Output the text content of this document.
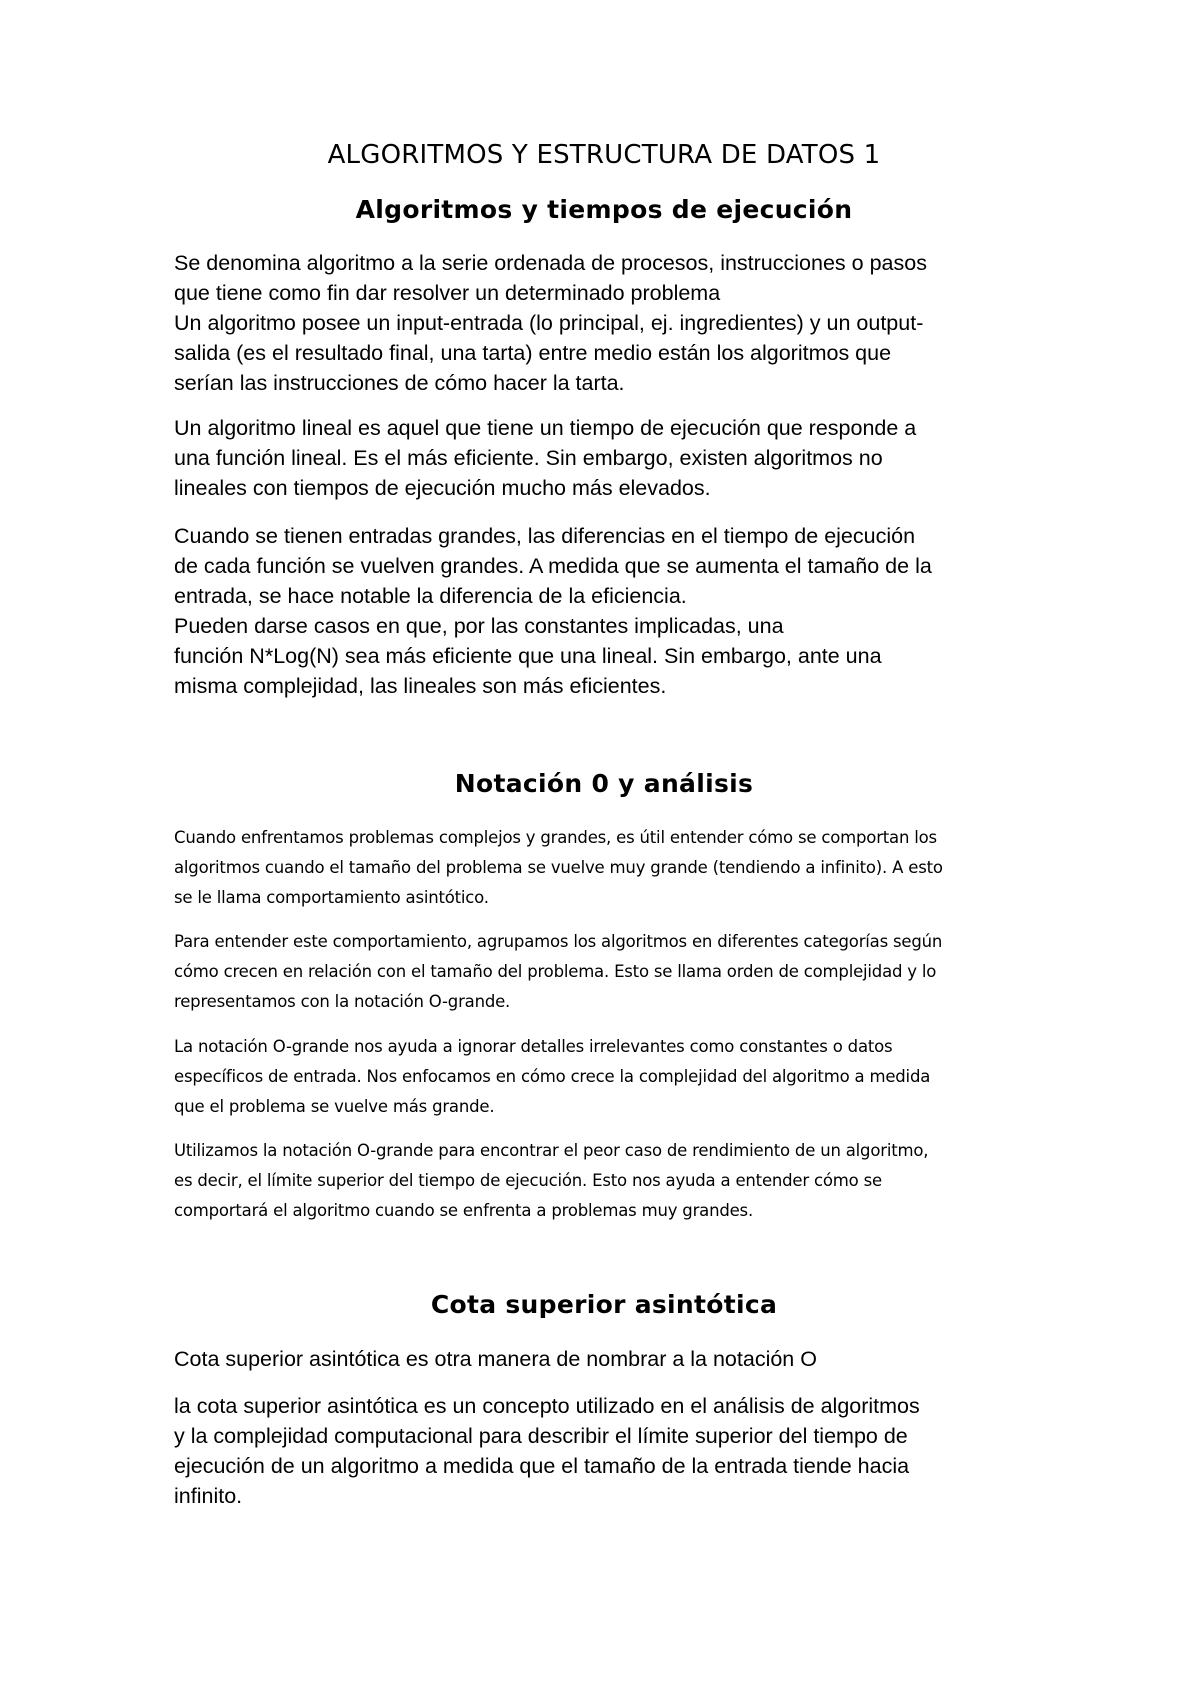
ALGORITMOS Y ESTRUCTURA DE DATOS 1
Algoritmos y tiempos de ejecución

Se denomina algoritmo a la serie ordenada de procesos, instrucciones o pasos
que tiene como fin dar resolver un determinado problema
Un algoritmo posee un input-entrada (lo principal, ej. ingredientes) y un output-
salida (es el resultado final, una tarta) entre medio están los algoritmos que
serían las instrucciones de cómo hacer la tarta.

Un algoritmo lineal es aquel que tiene un tiempo de ejecución que responde a
una función lineal. Es el más eficiente. Sin embargo, existen algoritmos no
lineales con tiempos de ejecución mucho más elevados.

Cuando se tienen entradas grandes, las diferencias en el tiempo de ejecución
de cada función se vuelven grandes. A medida que se aumenta el tamaño de la
entrada, se hace notable la diferencia de la eficiencia.
Pueden darse casos en que, por las constantes implicadas, una
función N*Log(N) sea más eficiente que una lineal. Sin embargo, ante una
misma complejidad, las lineales son más eficientes.

Notación 0 y análisis

Cuando enfrentamos problemas complejos y grandes, es útil entender cómo se comportan los
algoritmos cuando el tamaño del problema se vuelve muy grande (tendiendo a infinito). A esto
se le llama comportamiento asintótico.

Para entender este comportamiento, agrupamos los algoritmos en diferentes categorías según
cómo crecen en relación con el tamaño del problema. Esto se llama orden de complejidad y lo
representamos con la notación O-grande.

La notación O-grande nos ayuda a ignorar detalles irrelevantes como constantes o datos
específicos de entrada. Nos enfocamos en cómo crece la complejidad del algoritmo a medida
que el problema se vuelve más grande.

Utilizamos la notación O-grande para encontrar el peor caso de rendimiento de un algoritmo,
es decir, el límite superior del tiempo de ejecución. Esto nos ayuda a entender cómo se
comportará el algoritmo cuando se enfrenta a problemas muy grandes.

Cota superior asintótica

Cota superior asintótica es otra manera de nombrar a la notación O

la cota superior asintótica es un concepto utilizado en el análisis de algoritmos
y la complejidad computacional para describir el límite superior del tiempo de
ejecución de un algoritmo a medida que el tamaño de la entrada tiende hacia
infinito.
